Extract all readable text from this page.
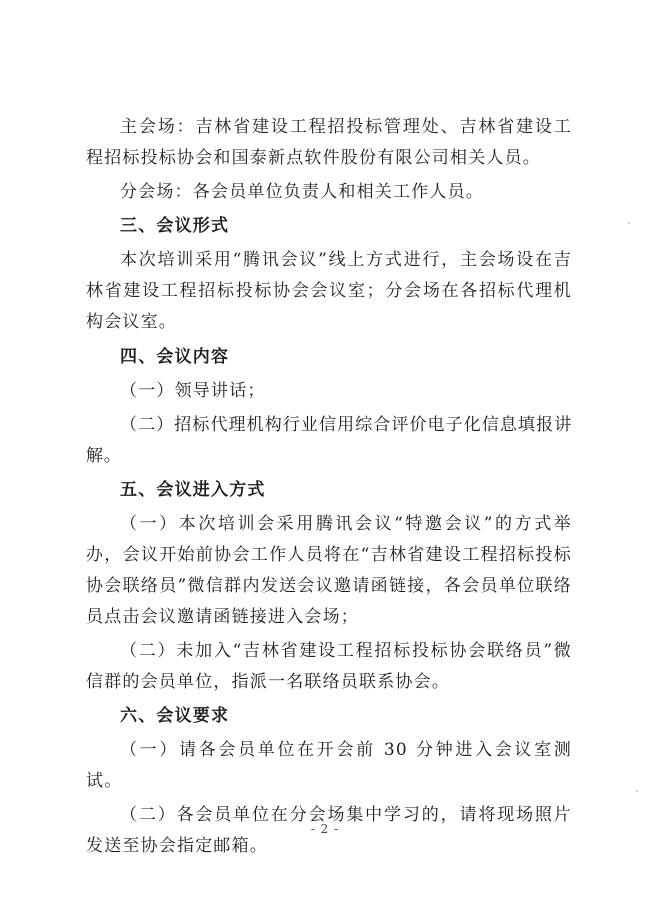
主会场：吉林省建设工程招投标管理处、吉林省建设工程招标投标协会和国泰新点软件股份有限公司相关人员。

分会场：各会员单位负责人和相关工作人员。

三、会议形式

本次培训采用“腾讯会议”线上方式进行，主会场设在吉林省建设工程招标投标协会会议室；分会场在各招标代理机构会议室。

四、会议内容

（一）领导讲话；

（二）招标代理机构行业信用综合评价电子化信息填报讲解。

五、会议进入方式

（一）本次培训会采用腾讯会议“特邀会议”的方式举办，会议开始前协会工作人员将在“吉林省建设工程招标投标协会联络员”微信群内发送会议邀请函链接，各会员单位联络员点击会议邀请函链接进入会场；

（二）未加入“吉林省建设工程招标投标协会联络员”微信群的会员单位，指派一名联络员联系协会。

六、会议要求

（一）请各会员单位在开会前 30 分钟进入会议室测试。

（二）各会员单位在分会场集中学习的，请将现场照片发送至协会指定邮箱。

- 2 -
